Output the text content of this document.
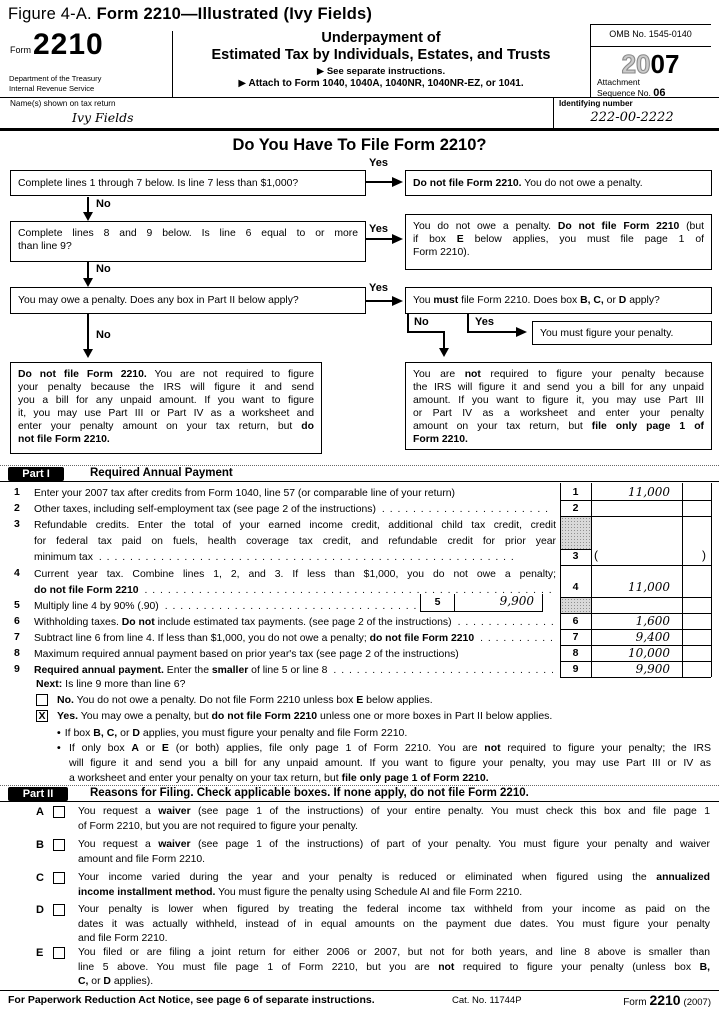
Figure 4-A. Form 2210—Illustrated (Ivy Fields)
Form 2210
Department of the Treasury
Internal Revenue Service
Underpayment of
Estimated Tax by Individuals, Estates, and Trusts
▶ See separate instructions.
▶ Attach to Form 1040, 1040A, 1040NR, 1040NR-EZ, or 1041.
OMB No. 1545-0140
2007
Attachment
Sequence No. 06
Name(s) shown on tax return
Ivy Fields
Identifying number
222-00-2222
Do You Have To File Form 2210?
Complete lines 1 through 7 below. Is line 7 less than $1,000?	Do not file Form 2210. You do not owe a penalty.
Yes
No
Complete lines 8 and 9 below. Is line 6 equal to or more
than line 9?
You do not owe a penalty. Do not file Form 2210 (but
if box E below applies, you must file page 1 of
Form 2210).
Yes
No
You may owe a penalty. Does any box in Part II below apply?	You must file Form 2210. Does box B, C, or D apply?
Yes
No
No	Yes
You must figure your penalty.
Do not file Form 2210. You are not required to figure
your penalty because the IRS will figure it and send
you a bill for any unpaid amount. If you want to figure
it, you may use Part III or Part IV as a worksheet and
enter your penalty amount on your tax return, but do
not file Form 2210.
You are not required to figure your penalty because
the IRS will figure it and send you a bill for any unpaid
amount. If you want to figure it, you may use Part III
or Part IV as a worksheet and enter your penalty
amount on your tax return, but file only page 1 of
Form 2210.
Part I	Required Annual Payment
1 Enter your 2007 tax after credits from Form 1040, line 57 (or comparable line of your return)	1	11,000
2 Other taxes, including self-employment tax (see page 2 of the instructions) . .	2
3 Refundable credits. Enter the total of your earned income credit, additional child tax credit, credit
for federal tax paid on fuels, health coverage tax credit, and refundable credit for prior year
minimum tax . .	3	(	)
4 Current year tax. Combine lines 1, 2, and 3. If less than $1,000, you do not owe a penalty;
do not file Form 2210 . .	4	11,000
5 Multiply line 4 by 90% (.90) . .	5	9,900
6 Withholding taxes. Do not include estimated tax payments. (see page 2 of the instructions) . .	6	1,600
7 Subtract line 6 from line 4. If less than $1,000, you do not owe a penalty; do not file Form 2210 . .	7	9,400
8 Maximum required annual payment based on prior year's tax (see page 2 of the instructions)	8	10,000
9 Required annual payment. Enter the smaller of line 5 or line 8 . .	9	9,900
Next: Is line 9 more than line 6?
No. You do not owe a penalty. Do not file Form 2210 unless box E below applies.
X Yes. You may owe a penalty, but do not file Form 2210 unless one or more boxes in Part II below applies.
• If box B, C, or D applies, you must figure your penalty and file Form 2210.
•
If only box A or E (or both) applies, file only page 1 of Form 2210. You are not required to figure your penalty; the IRS
will figure it and send you a bill for any unpaid amount. If you want to figure your penalty, you may use Part III or IV as
a worksheet and enter your penalty on your tax return, but file only page 1 of Form 2210.
Part II	Reasons for Filing. Check applicable boxes. If none apply, do not file Form 2210.
A	You request a waiver (see page 1 of the instructions) of your entire penalty. You must check this box and file page 1
of Form 2210, but you are not required to figure your penalty.
B	You request a waiver (see page 1 of the instructions) of part of your penalty. You must figure your penalty and waiver
amount and file Form 2210.
C	Your income varied during the year and your penalty is reduced or eliminated when figured using the annualized
income installment method. You must figure the penalty using Schedule AI and file Form 2210.
D	Your penalty is lower when figured by treating the federal income tax withheld from your income as paid on the
dates it was actually withheld, instead of in equal amounts on the payment due dates. You must figure your penalty
and file Form 2210.
E	You filed or are filing a joint return for either 2006 or 2007, but not for both years, and line 8 above is smaller than
line 5 above. You must file page 1 of Form 2210, but you are not required to figure your penalty (unless box B,
C, or D applies).
For Paperwork Reduction Act Notice, see page 6 of separate instructions.	Cat. No. 11744P	Form 2210 (2007)
